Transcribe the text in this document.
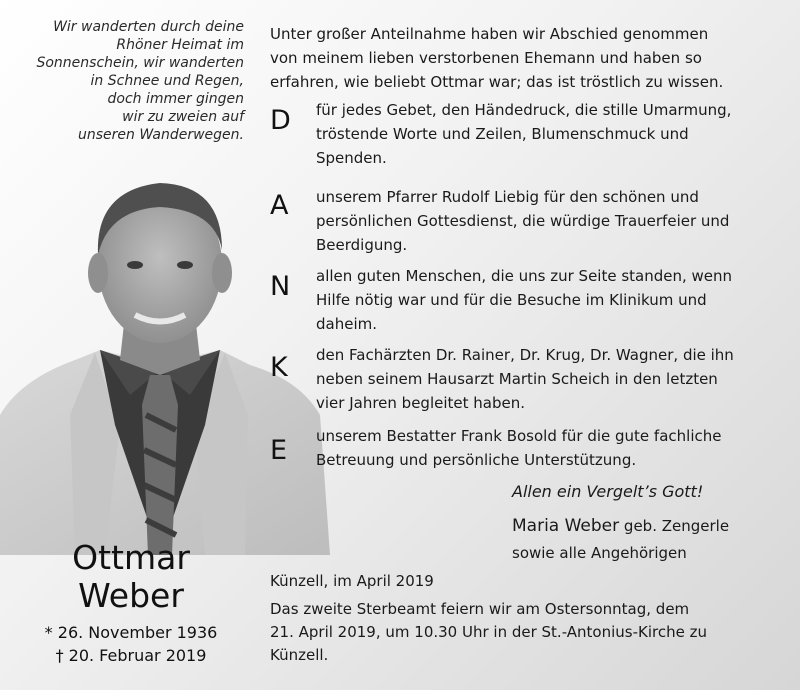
Wir wanderten durch deine
Rhöner Heimat im
Sonnenschein, wir wanderten
in Schnee und Regen,
doch immer gingen
wir zu zweien auf
unseren Wanderwegen.
Ottmar
Weber
* 26. November 1936
† 20. Februar 2019
Unter großer Anteilnahme haben wir Abschied genommen
von meinem lieben verstorbenen Ehemann und haben so
erfahren, wie beliebt Ottmar war; das ist tröstlich zu wissen.
D	für jedes Gebet, den Händedruck, die stille Umarmung,
tröstende Worte und Zeilen, Blumenschmuck und
Spenden.
A	unserem Pfarrer Rudolf Liebig für den schönen und
persönlichen Gottesdienst, die würdige Trauerfeier und
Beerdigung.
N	allen guten Menschen, die uns zur Seite standen, wenn
Hilfe nötig war und für die Besuche im Klinikum und
daheim.
K	den Fachärzten Dr. Rainer, Dr. Krug, Dr. Wagner, die ihn
neben seinem Hausarzt Martin Scheich in den letzten
vier Jahren begleitet haben.
E	unserem Bestatter Frank Bosold für die gute fachliche
Betreuung und persönliche Unterstützung.
Allen ein Vergelt’s Gott!
Maria Weber geb. Zengerle
sowie alle Angehörigen
Künzell, im April 2019
Das zweite Sterbeamt feiern wir am Ostersonntag, dem
21. April 2019, um 10.30 Uhr in der St.-Antonius-Kirche zu
Künzell.
